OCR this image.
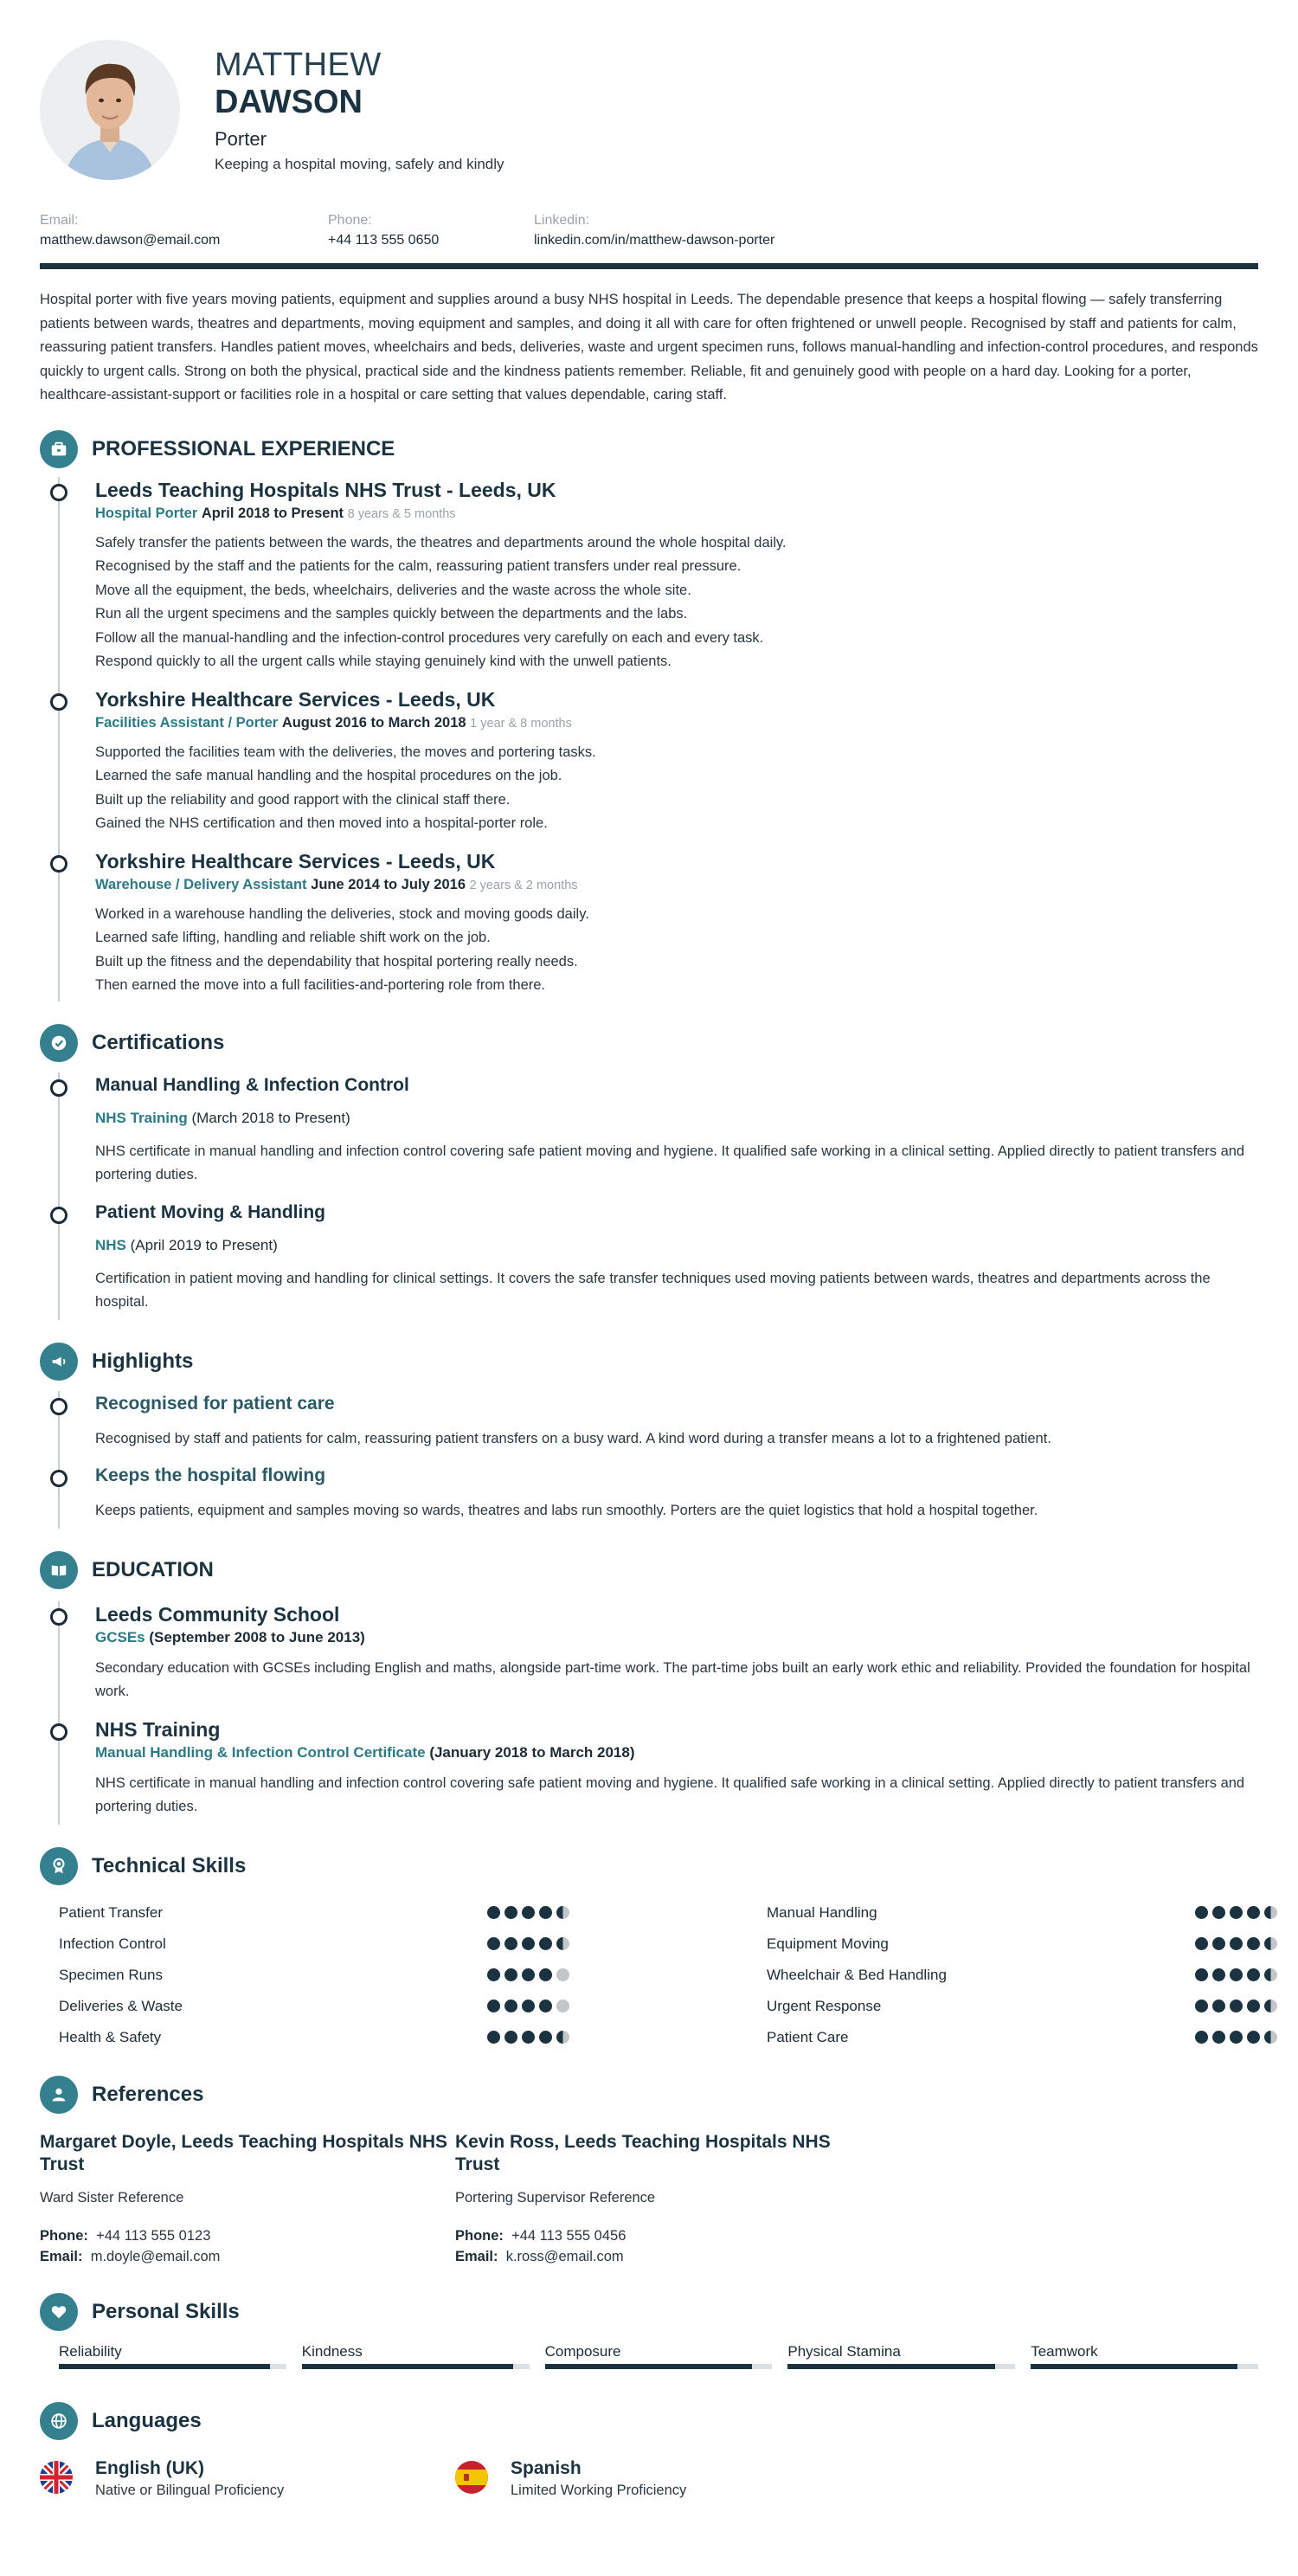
MATTHEW
DAWSON
Porter
Keeping a hospital moving, safely and kindly
Email:
matthew.dawson@email.com
Phone:
+44 113 555 0650
Linkedin:
linkedin.com/in/matthew-dawson-porter

Hospital porter with five years moving patients, equipment and supplies around a busy NHS hospital in Leeds. The dependable presence that keeps a hospital flowing — safely transferring patients between wards, theatres and departments, moving equipment and samples, and doing it all with care for often frightened or unwell people. Recognised by staff and patients for calm, reassuring patient transfers. Handles patient moves, wheelchairs and beds, deliveries, waste and urgent specimen runs, follows manual-handling and infection-control procedures, and responds quickly to urgent calls. Strong on both the physical, practical side and the kindness patients remember. Reliable, fit and genuinely good with people on a hard day. Looking for a porter, healthcare-assistant-support or facilities role in a hospital or care setting that values dependable, caring staff.

PROFESSIONAL EXPERIENCE
Leeds Teaching Hospitals NHS Trust - Leeds, UK
Hospital Porter April 2018 to Present 8 years & 5 months
Safely transfer the patients between the wards, the theatres and departments around the whole hospital daily.
Recognised by the staff and the patients for the calm, reassuring patient transfers under real pressure.
Move all the equipment, the beds, wheelchairs, deliveries and the waste across the whole site.
Run all the urgent specimens and the samples quickly between the departments and the labs.
Follow all the manual-handling and the infection-control procedures very carefully on each and every task.
Respond quickly to all the urgent calls while staying genuinely kind with the unwell patients.
Yorkshire Healthcare Services - Leeds, UK
Facilities Assistant / Porter August 2016 to March 2018 1 year & 8 months
Supported the facilities team with the deliveries, the moves and portering tasks.
Learned the safe manual handling and the hospital procedures on the job.
Built up the reliability and good rapport with the clinical staff there.
Gained the NHS certification and then moved into a hospital-porter role.
Yorkshire Healthcare Services - Leeds, UK
Warehouse / Delivery Assistant June 2014 to July 2016 2 years & 2 months
Worked in a warehouse handling the deliveries, stock and moving goods daily.
Learned safe lifting, handling and reliable shift work on the job.
Built up the fitness and the dependability that hospital portering really needs.
Then earned the move into a full facilities-and-portering role from there.
Certifications
Manual Handling & Infection Control
NHS Training (March 2018 to Present)
NHS certificate in manual handling and infection control covering safe patient moving and hygiene. It qualified safe working in a clinical setting. Applied directly to patient transfers and portering duties.
Patient Moving & Handling
NHS (April 2019 to Present)
Certification in patient moving and handling for clinical settings. It covers the safe transfer techniques used moving patients between wards, theatres and departments across the hospital.
Highlights
Recognised for patient care
Recognised by staff and patients for calm, reassuring patient transfers on a busy ward. A kind word during a transfer means a lot to a frightened patient.
Keeps the hospital flowing
Keeps patients, equipment and samples moving so wards, theatres and labs run smoothly. Porters are the quiet logistics that hold a hospital together.
EDUCATION
Leeds Community School
GCSEs (September 2008 to June 2013)
Secondary education with GCSEs including English and maths, alongside part-time work. The part-time jobs built an early work ethic and reliability. Provided the foundation for hospital work.
NHS Training
Manual Handling & Infection Control Certificate (January 2018 to March 2018)
NHS certificate in manual handling and infection control covering safe patient moving and hygiene. It qualified safe working in a clinical setting. Applied directly to patient transfers and portering duties.
Technical Skills
Patient Transfer	Manual Handling
Infection Control	Equipment Moving
Specimen Runs	Wheelchair & Bed Handling
Deliveries & Waste	Urgent Response
Health & Safety	Patient Care
References
Margaret Doyle, Leeds Teaching Hospitals NHS Trust
Ward Sister Reference
Phone: +44 113 555 0123
Email: m.doyle@email.com
Kevin Ross, Leeds Teaching Hospitals NHS Trust
Portering Supervisor Reference
Phone: +44 113 555 0456
Email: k.ross@email.com
Personal Skills
Reliability	Kindness	Composure	Physical Stamina	Teamwork
Languages
English (UK)
Native or Bilingual Proficiency
Spanish
Limited Working Proficiency
